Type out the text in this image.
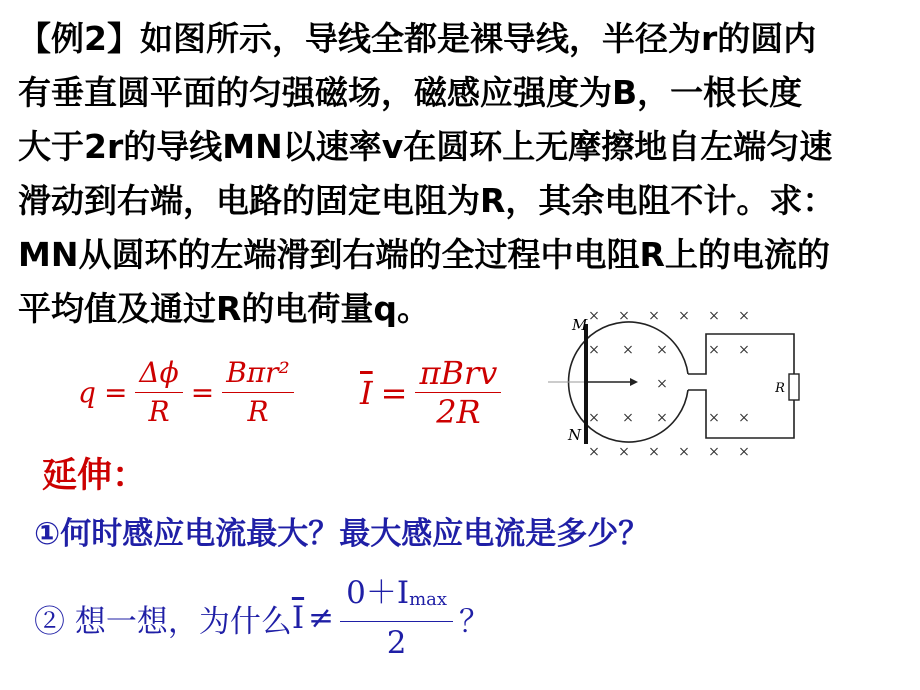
【例2】如图所示，导线全都是裸导线，半径为r的圆内
有垂直圆平面的匀强磁场，磁感应强度为B，一根长度
大于2r的导线MN以速率v在圆环上无摩擦地自左端匀速
滑动到右端，电路的固定电阻为R，其余电阻不计。求：
MN从圆环的左端滑到右端的全过程中电阻R上的电流的
平均值及通过R的电荷量q。
$q = \frac{\Delta\phi}{R} = \frac{\text{Bπr²}}{R} \overline{I} = \frac{\text{πBrv}}{2R}$
× × × × × ×
× × ×	× ×
×
× × ×	× ×
× × × × × ×
R
M
N
延伸：
①何时感应电流最大？最大感应电流是多少？
② 想一想，为什么 $\overline{I}$ ≠
0＋Imax
2
？
